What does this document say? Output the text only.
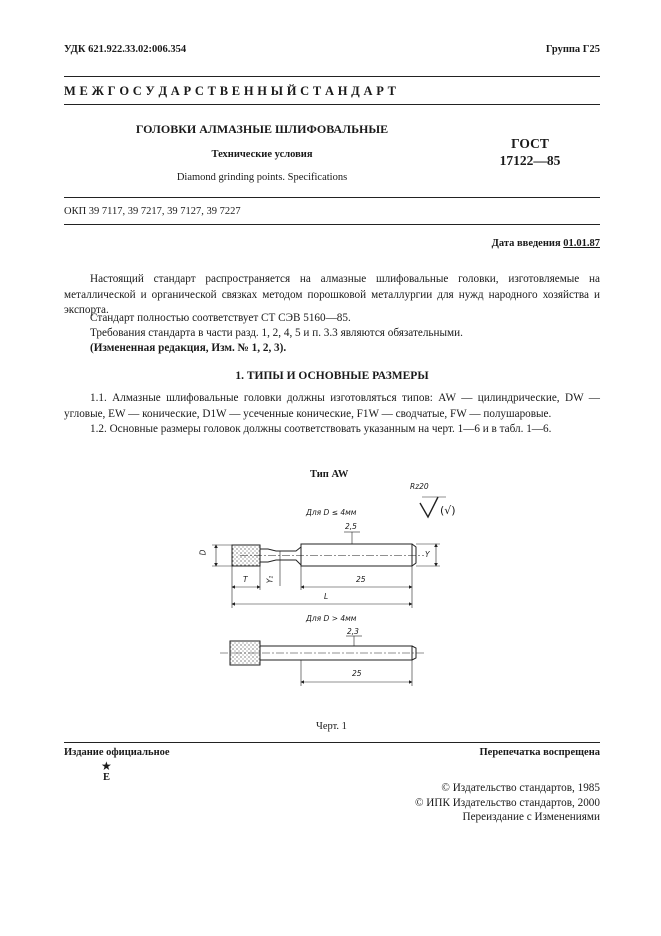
УДК 621.922.33.02:006.354	Группа Г25
М Е Ж Г О С У Д А Р С Т В Е Н Н Ы Й С Т А Н Д А Р Т
ГОЛОВКИ АЛМАЗНЫЕ ШЛИФОВАЛЬНЫЕ
Технические условия
Diamond grinding points. Specifications
ГОСТ
17122—85
ОКП 39 7117, 39 7217, 39 7127, 39 7227
Дата введения 01.01.87
Настоящий стандарт распространяется на алмазные шлифовальные головки, изготовляемые на металлической и органической связках методом порошковой металлургии для нужд народного хозяйства и экспорта.
Стандарт полностью соответствует СТ СЭВ 5160—85.
Требования стандарта в части разд. 1, 2, 4, 5 и п. 3.3 являются обязательными.
(Измененная редакция, Изм. № 1, 2, 3).
1. ТИПЫ И ОСНОВНЫЕ РАЗМЕРЫ
1.1. Алмазные шлифовальные головки должны изготовляться типов: AW — цилиндрические, DW — угловые, EW — конические, D1W — усеченные конические, F1W — сводчатые, FW — полушаровые.
1.2. Основные размеры головок должны соответствовать указанным на черт. 1—6 и в табл. 1—6.
Тип AW
Rz20
(√)
Для D ≤ 4мм
2,5
D	Y
Y₁
T	25
L
Для D > 4мм
2,3
25
Черт. 1
Издание официальное
★
Е
Перепечатка воспрещена
© Издательство стандартов, 1985
© ИПК Издательство стандартов, 2000
Переиздание с Изменениями
